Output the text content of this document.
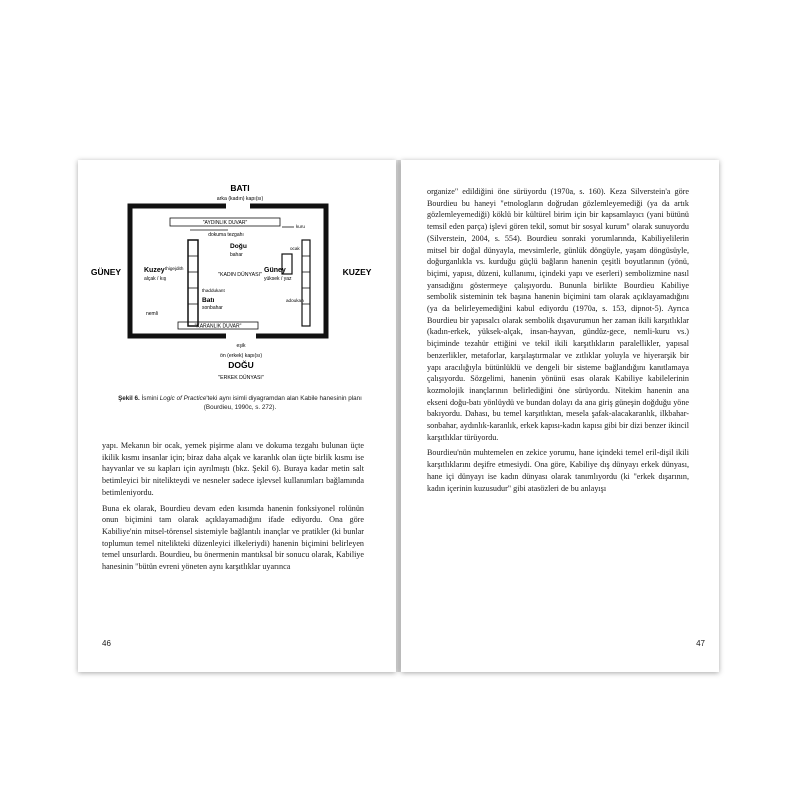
BATI
arka (kadın) kapı(sı)
"AYDINLIK DUVAR"
kuru
dokuma tezgahı
Doğu
bahar
ocak
Kuzey
alçak / kış
thigejdith
"KADIN DÜNYASI"
Güney
yüksek / yaz
thaddukant
Batı
sonbahar
adoukan
nemli
"KARANLIK DUVAR"
eşik
ön (erkek) kapı(sı)
DOĞU
"ERKEK DÜNYASI"
GÜNEY	KUZEY
Şekil 6. İsmini Logic of Practice'teki aynı isimli diyagramdan alan Kabile hanesinin planı (Bourdieu, 1990c, s. 272).

yapı. Mekanın bir ocak, yemek pişirme alanı ve dokuma tezgahı bulunan üçte ikilik kısmı insanlar için; biraz daha alçak ve karanlık olan üçte birlik kısmı ise hayvanlar ve su kapları için ayrılmıştı (bkz. Şekil 6). Buraya kadar metin salt betimleyici bir nitelikteydi ve nesneler sadece işlevsel kullanımları bağlamında betimleniyordu.

Buna ek olarak, Bourdieu devam eden kısımda hanenin fonksiyonel rolünün onun biçimini tam olarak açıklayamadığını ifade ediyordu. Ona göre Kabiliye'nin mitsel-törensel sistemiyle bağlantılı inançlar ve pratikler (ki bunlar toplumun temel nitelikteki düzenleyici ilkeleriydi) hanenin biçimini belirleyen temel unsurlardı. Bourdieu, bu önermenin mantıksal bir sonucu olarak, Kabiliye hanesinin "bütün evreni yöneten aynı karşıtlıklar uyarınca

46

organize" edildiğini öne sürüyordu (1970a, s. 160). Keza Silverstein'a göre Bourdieu bu haneyi "etnologların doğrudan gözlemleyemediği (ya da artık gözlemleyemediği) köklü bir kültürel birim için bir kapsamlayıcı (yani bütünü temsil eden parça) işlevi gören tekil, somut bir sosyal kurum" olarak sunuyordu (Silverstein, 2004, s. 554). Bourdieu sonraki yorumlarında, Kabiliyelilerin mitsel bir doğal dünyayla, mevsimlerle, günlük döngüyle, yaşam döngüsüyle, doğurganlıkla vs. kurduğu güçlü bağların hanenin çeşitli boyutlarının (yönü, biçimi, yapısı, düzeni, kullanımı, içindeki yapı ve eserleri) sembolizmine nasıl yansıdığını göstermeye çalışıyordu. Bununla birlikte Bourdieu Kabiliye sembolik sisteminin tek başına hanenin biçimini tam olarak açıklayamadığını (ya da belirleyemediğini kabul ediyordu (1970a, s. 153, dipnot-5). Ayrıca Bourdieu bir yapısalcı olarak sembolik dışavurumun her zaman ikili karşıtlıklar (kadın-erkek, yüksek-alçak, insan-hayvan, gündüz-gece, nemli-kuru vs.) biçiminde tezahür ettiğini ve tekil ikili karşıtlıkların paralellikler, yapısal benzerlikler, metaforlar, karşılaştırmalar ve zıtlıklar yoluyla ve hiyerarşik bir yapı aracılığıyla bütünlüklü ve dengeli bir sisteme bağlandığını kanıtlamaya çalışıyordu. Sözgelimi, hanenin yönünü esas olarak Kabiliye kabilelerinin kozmolojik inançlarının belirlediğini öne sürüyordu. Nitekim hanenin ana ekseni doğu-batı yönlüydü ve bundan dolayı da ana giriş güneşin doğduğu yöne bakıyordu. Dahası, bu temel karşıtlıktan, mesela şafak-alacakaranlık, ilkbahar-sonbahar, aydınlık-karanlık, erkek kapısı-kadın kapısı gibi bir dizi benzer ikincil karşıtlıklar türüyordu.

Bourdieu'nün muhtemelen en zekice yorumu, hane içindeki temel eril-dişil ikili karşıtlıklarını deşifre etmesiydi. Ona göre, Kabiliye dış dünyayı erkek dünyası, hane içi dünyayı ise kadın dünyası olarak tanımlıyordu (ki "erkek dışarının, kadın içerinin kuzusudur" gibi atasözleri de bu anlayışı

47
